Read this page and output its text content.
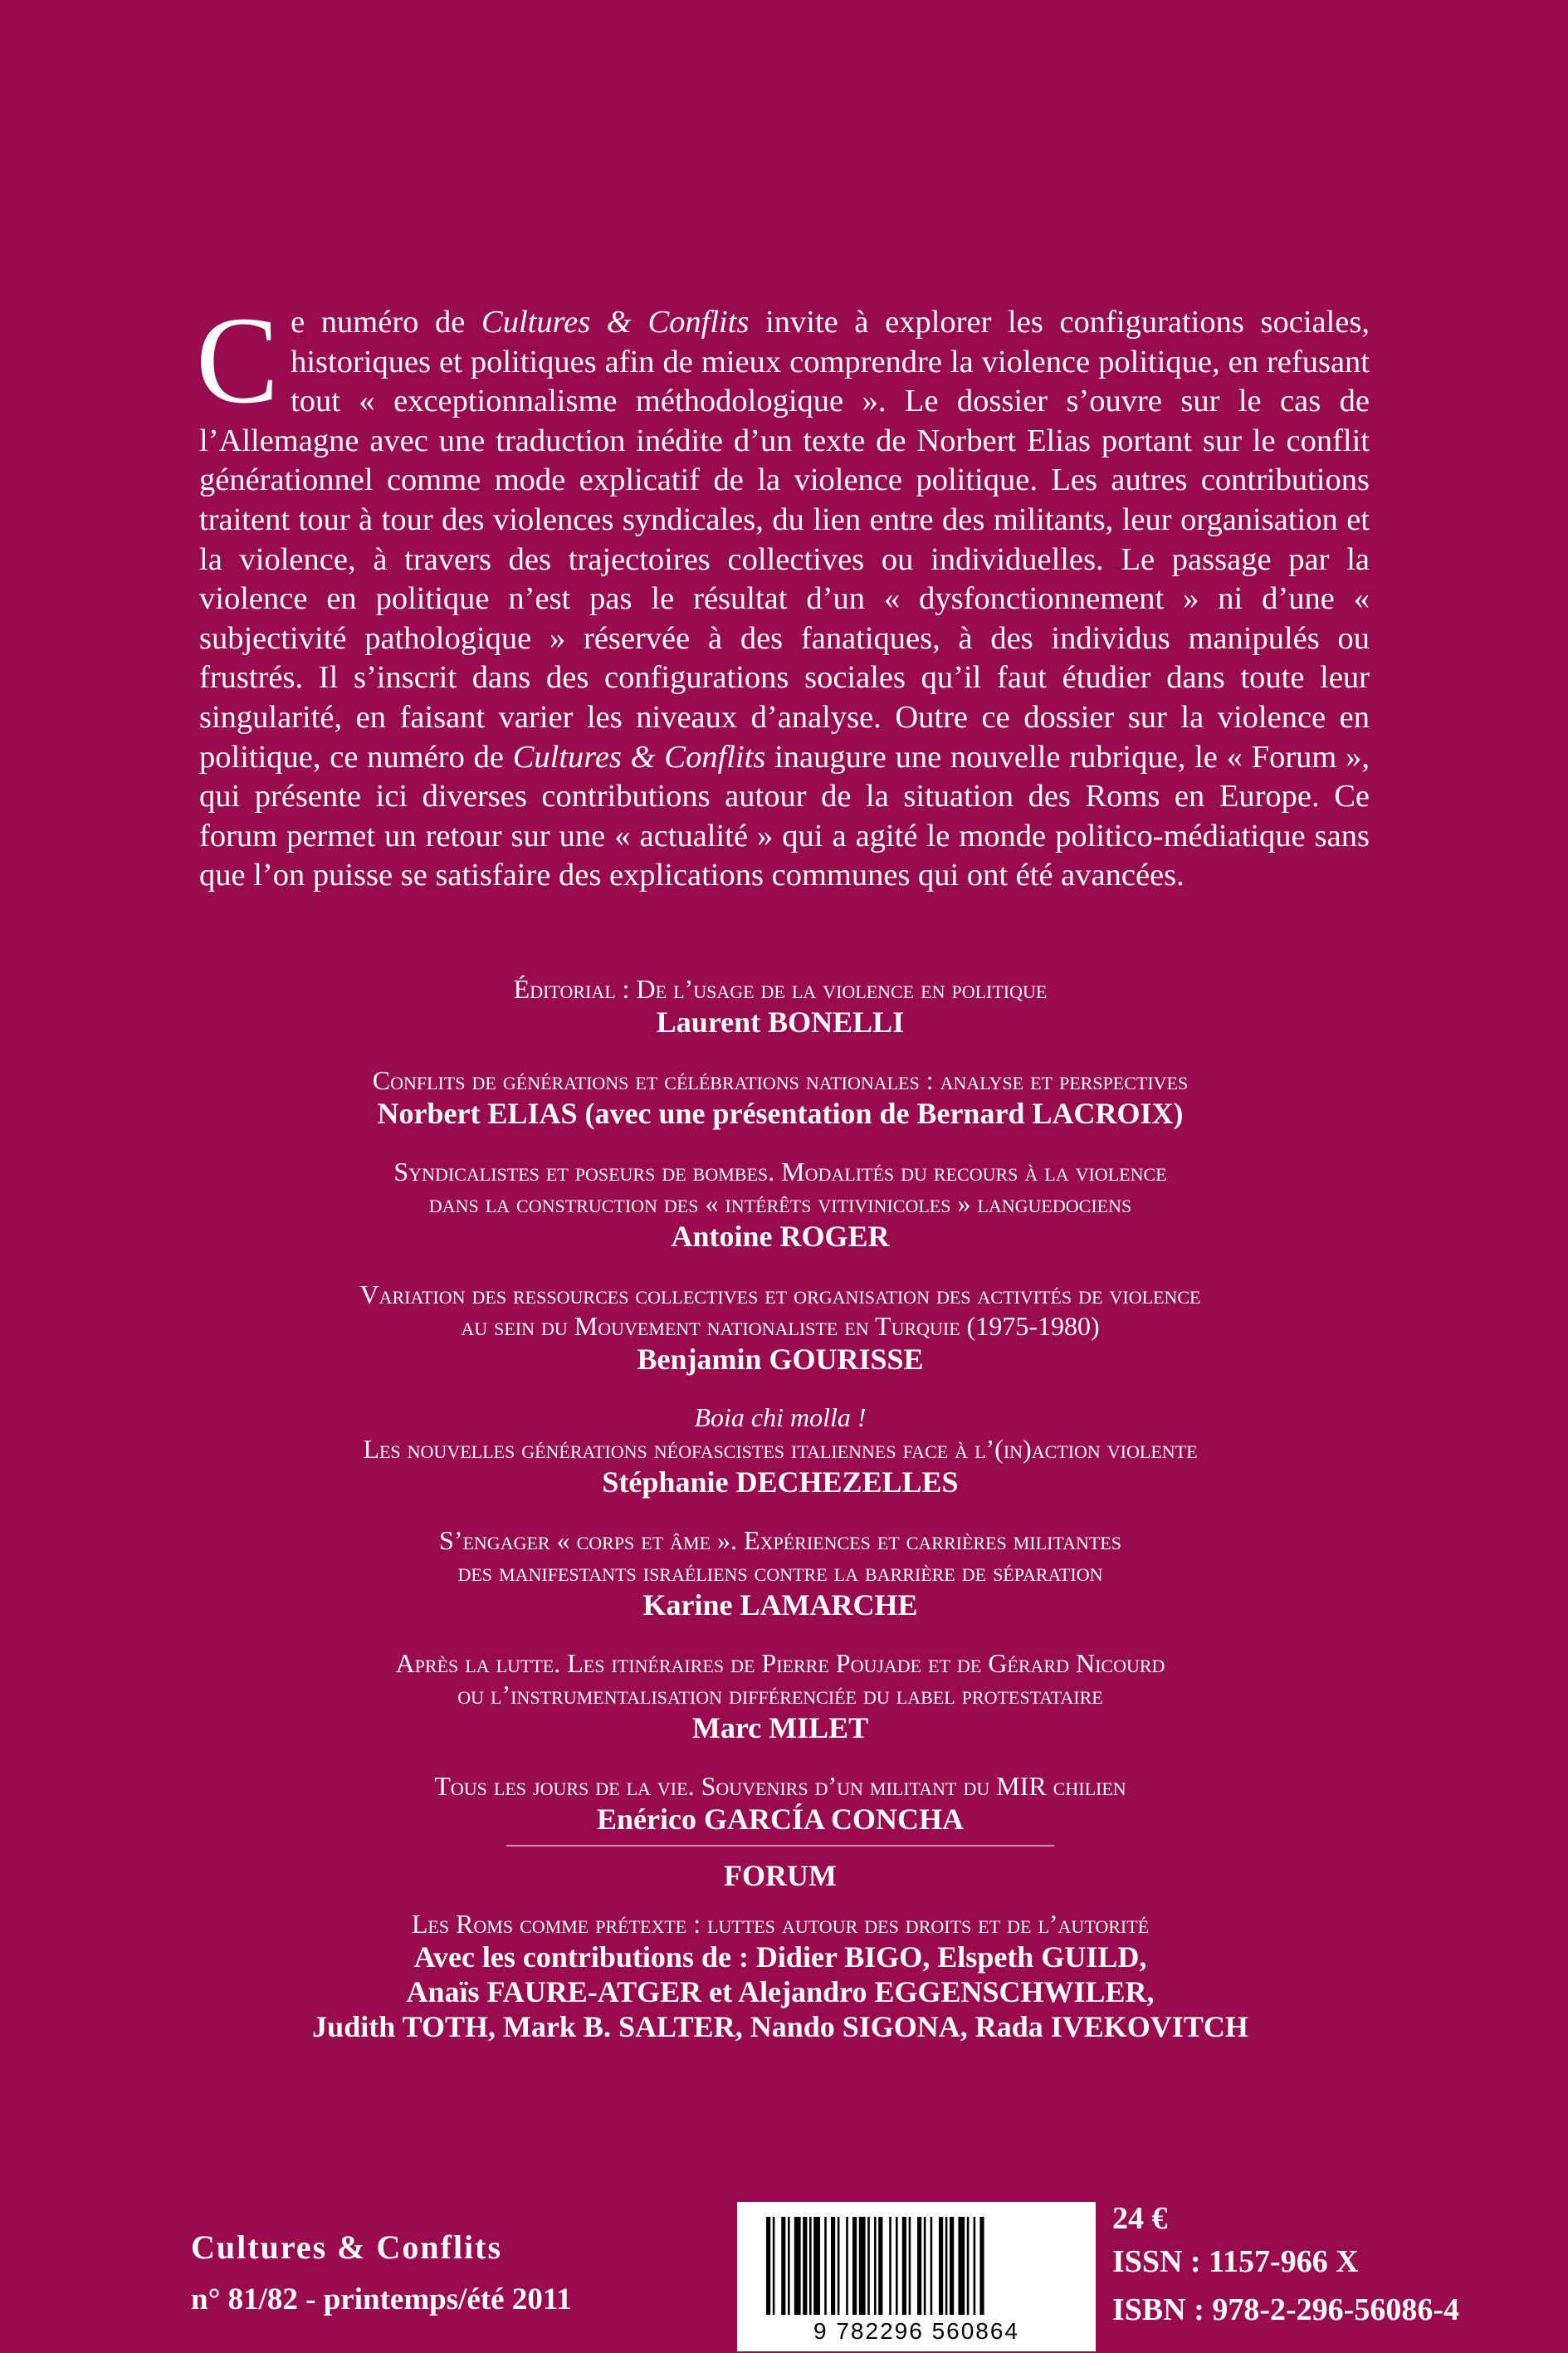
Ce numéro de Cultures & Conflits invite à explorer les configurations sociales, historiques et politiques afin de mieux comprendre la violence politique, en refusant tout « exceptionnalisme méthodologique ». Le dossier s’ouvre sur le cas de l’Allemagne avec une traduction inédite d’un texte de Norbert Elias portant sur le conflit générationnel comme mode explicatif de la violence politique. Les autres contributions traitent tour à tour des violences syndicales, du lien entre des militants, leur organisation et la violence, à travers des trajectoires collectives ou individuelles. Le passage par la violence en politique n’est pas le résultat d’un « dysfonctionnement » ni d’une « subjectivité pathologique » réservée à des fanatiques, à des individus manipulés ou frustrés. Il s’inscrit dans des configurations sociales qu’il faut étudier dans toute leur singularité, en faisant varier les niveaux d’analyse. Outre ce dossier sur la violence en politique, ce numéro de Cultures & Conflits inaugure une nouvelle rubrique, le « Forum », qui présente ici diverses contributions autour de la situation des Roms en Europe. Ce forum permet un retour sur une « actualité » qui a agité le monde politico-médiatique sans que l’on puisse se satisfaire des explications communes qui ont été avancées.
Éditorial : De l’usage de la violence en politique
Laurent BONELLI
Conflits de générations et célébrations nationales : analyse et perspectives
Norbert ELIAS (avec une présentation de Bernard LACROIX)
Syndicalistes et poseurs de bombes. Modalités du recours à la violence
dans la construction des « intérêts vitivinicoles » languedociens
Antoine ROGER
Variation des ressources collectives et organisation des activités de violence
au sein du Mouvement nationaliste en Turquie (1975-1980)
Benjamin GOURISSE
Boia chi molla !
Les nouvelles générations néofascistes italiennes face à l’(in)action violente
Stéphanie DECHEZELLES
S’engager « corps et âme ». Expériences et carrières militantes
des manifestants israéliens contre la barrière de séparation
Karine LAMARCHE
Après la lutte. Les itinéraires de Pierre Poujade et de Gérard Nicourd
ou l’instrumentalisation différenciée du label protestataire
Marc MILET
Tous les jours de la vie. Souvenirs d’un militant du MIR chilien
Enérico GARCÍA CONCHA
FORUM
Les Roms comme prétexte : luttes autour des droits et de l’autorité
Avec les contributions de : Didier BIGO, Elspeth GUILD,
Anaïs FAURE-ATGER et Alejandro EGGENSCHWILER,
Judith TOTH, Mark B. SALTER, Nando SIGONA, Rada IVEKOVITCH
Cultures & Conflits
n° 81/82 - printemps/été 2011
9 782296 560864
24 €
ISSN : 1157-966 X
ISBN : 978-2-296-56086-4
